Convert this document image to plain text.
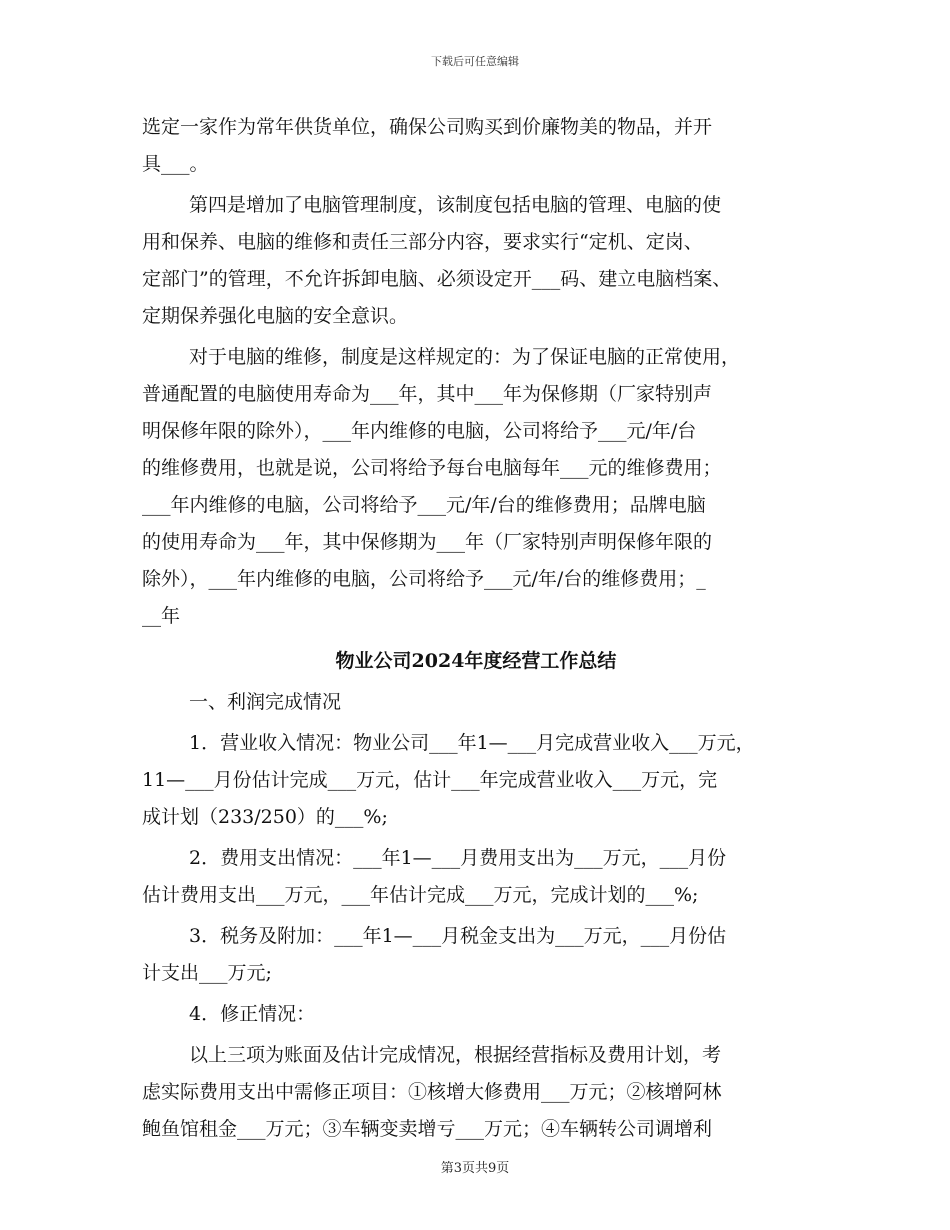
下载后可任意编辑
选定一家作为常年供货单位，确保公司购买到价廉物美的物品，并开
具___。
第四是增加了电脑管理制度，该制度包括电脑的管理、电脑的使
用和保养、电脑的维修和责任三部分内容，要求实行“定机、定岗、
定部门”的管理，不允许拆卸电脑、必须设定开___码、建立电脑档案、
定期保养强化电脑的安全意识。
对于电脑的维修，制度是这样规定的：为了保证电脑的正常使用，
普通配置的电脑使用寿命为___年，其中___年为保修期（厂家特别声
明保修年限的除外），___年内维修的电脑，公司将给予___元/年/台
的维修费用，也就是说，公司将给予每台电脑每年___元的维修费用；
___年内维修的电脑，公司将给予___元/年/台的维修费用；品牌电脑
的使用寿命为___年，其中保修期为___年（厂家特别声明保修年限的
除外），___年内维修的电脑，公司将给予___元/年/台的维修费用；_
__年
物业公司2024年度经营工作总结
一、利润完成情况
1．营业收入情况：物业公司___年1—___月完成营业收入___万元，
11—___月份估计完成___万元，估计___年完成营业收入___万元，完
成计划（233/250）的___%;
2．费用支出情况：___年1—___月费用支出为___万元，___月份
估计费用支出___万元，___年估计完成___万元，完成计划的___%;
3．税务及附加：___年1—___月税金支出为___万元，___月份估
计支出___万元;
4．修正情况：
以上三项为账面及估计完成情况，根据经营指标及费用计划，考
虑实际费用支出中需修正项目：①核增大修费用___万元；②核增阿林
鲍鱼馆租金___万元；③车辆变卖增亏___万元；④车辆转公司调增利
第3页共9页
